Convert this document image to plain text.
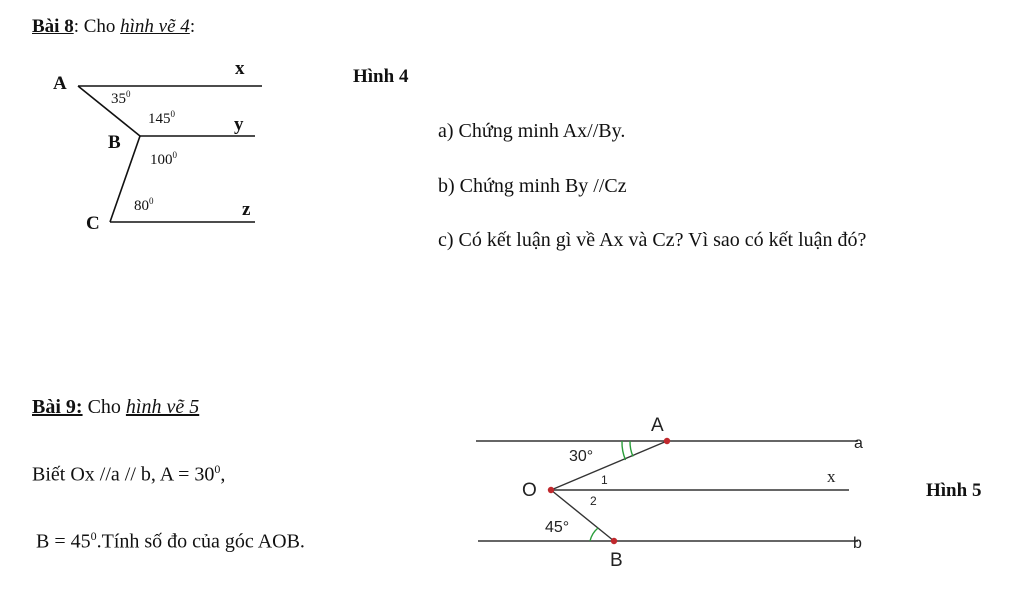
Bài 8: Cho hình vẽ 4:
Hình 4
a) Chứng minh Ax//By.
b) Chứng minh By //Cz
c) Có kết luận gì về Ax và Cz? Vì sao có kết luận đó?
Bài 9: Cho hình vẽ 5
Biết Ox //a // b, $A = 30^0$,
$B = 45^0.Tính$ số đo của góc AOB.
Hình 5
A
B
C
x
y
z
$35^0$
$145^0$
$100^0$
$80^0$
A
O
B
a
x
b
30°
45°
1
2
